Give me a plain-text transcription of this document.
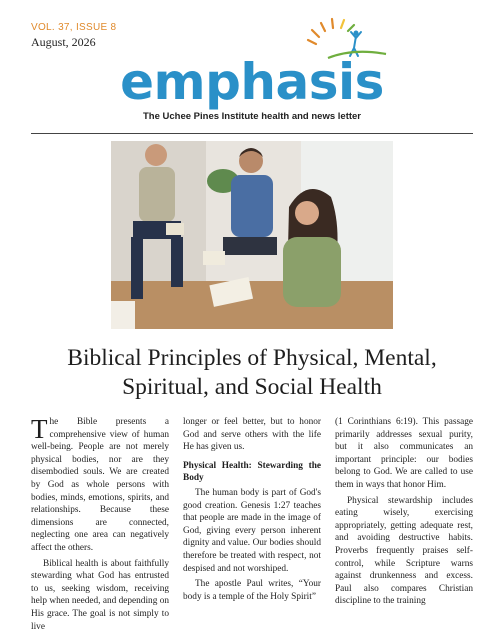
VOL. 37, ISSUE 8
August, 2026
emphasis
The Uchee Pines Institute health and news letter
Biblical Principles of Physical, Mental,
Spiritual, and Social Health

The Bible presents a comprehensive view of human well-being. People are not merely physical bodies, nor are they disembodied souls. We are created by God as whole persons with bodies, minds, emotions, spirits, and relationships. Because these dimensions are connected, neglecting one area can negatively affect the others.

Biblical health is about faithfully stewarding what God has entrusted to us, seeking wisdom, receiving help when needed, and depending on His grace. The goal is not simply to live

longer or feel better, but to honor God and serve others with the life He has given us.

Physical Health: Stewarding the Body

The human body is part of God's good creation. Genesis 1:27 teaches that people are made in the image of God, giving every person inherent dignity and value. Our bodies should therefore be treated with respect, not despised and not worshiped.

The apostle Paul writes, “Your body is a temple of the Holy Spirit”

(1 Corinthians 6:19). This passage primarily addresses sexual purity, but it also communicates an important principle: our bodies belong to God. We are called to use them in ways that honor Him.

Physical stewardship includes eating wisely, exercising appropriately, getting adequate rest, and avoiding destructive habits. Proverbs frequently praises self-control, while Scripture warns against drunkenness and excess. Paul also compares Christian discipline to the training
